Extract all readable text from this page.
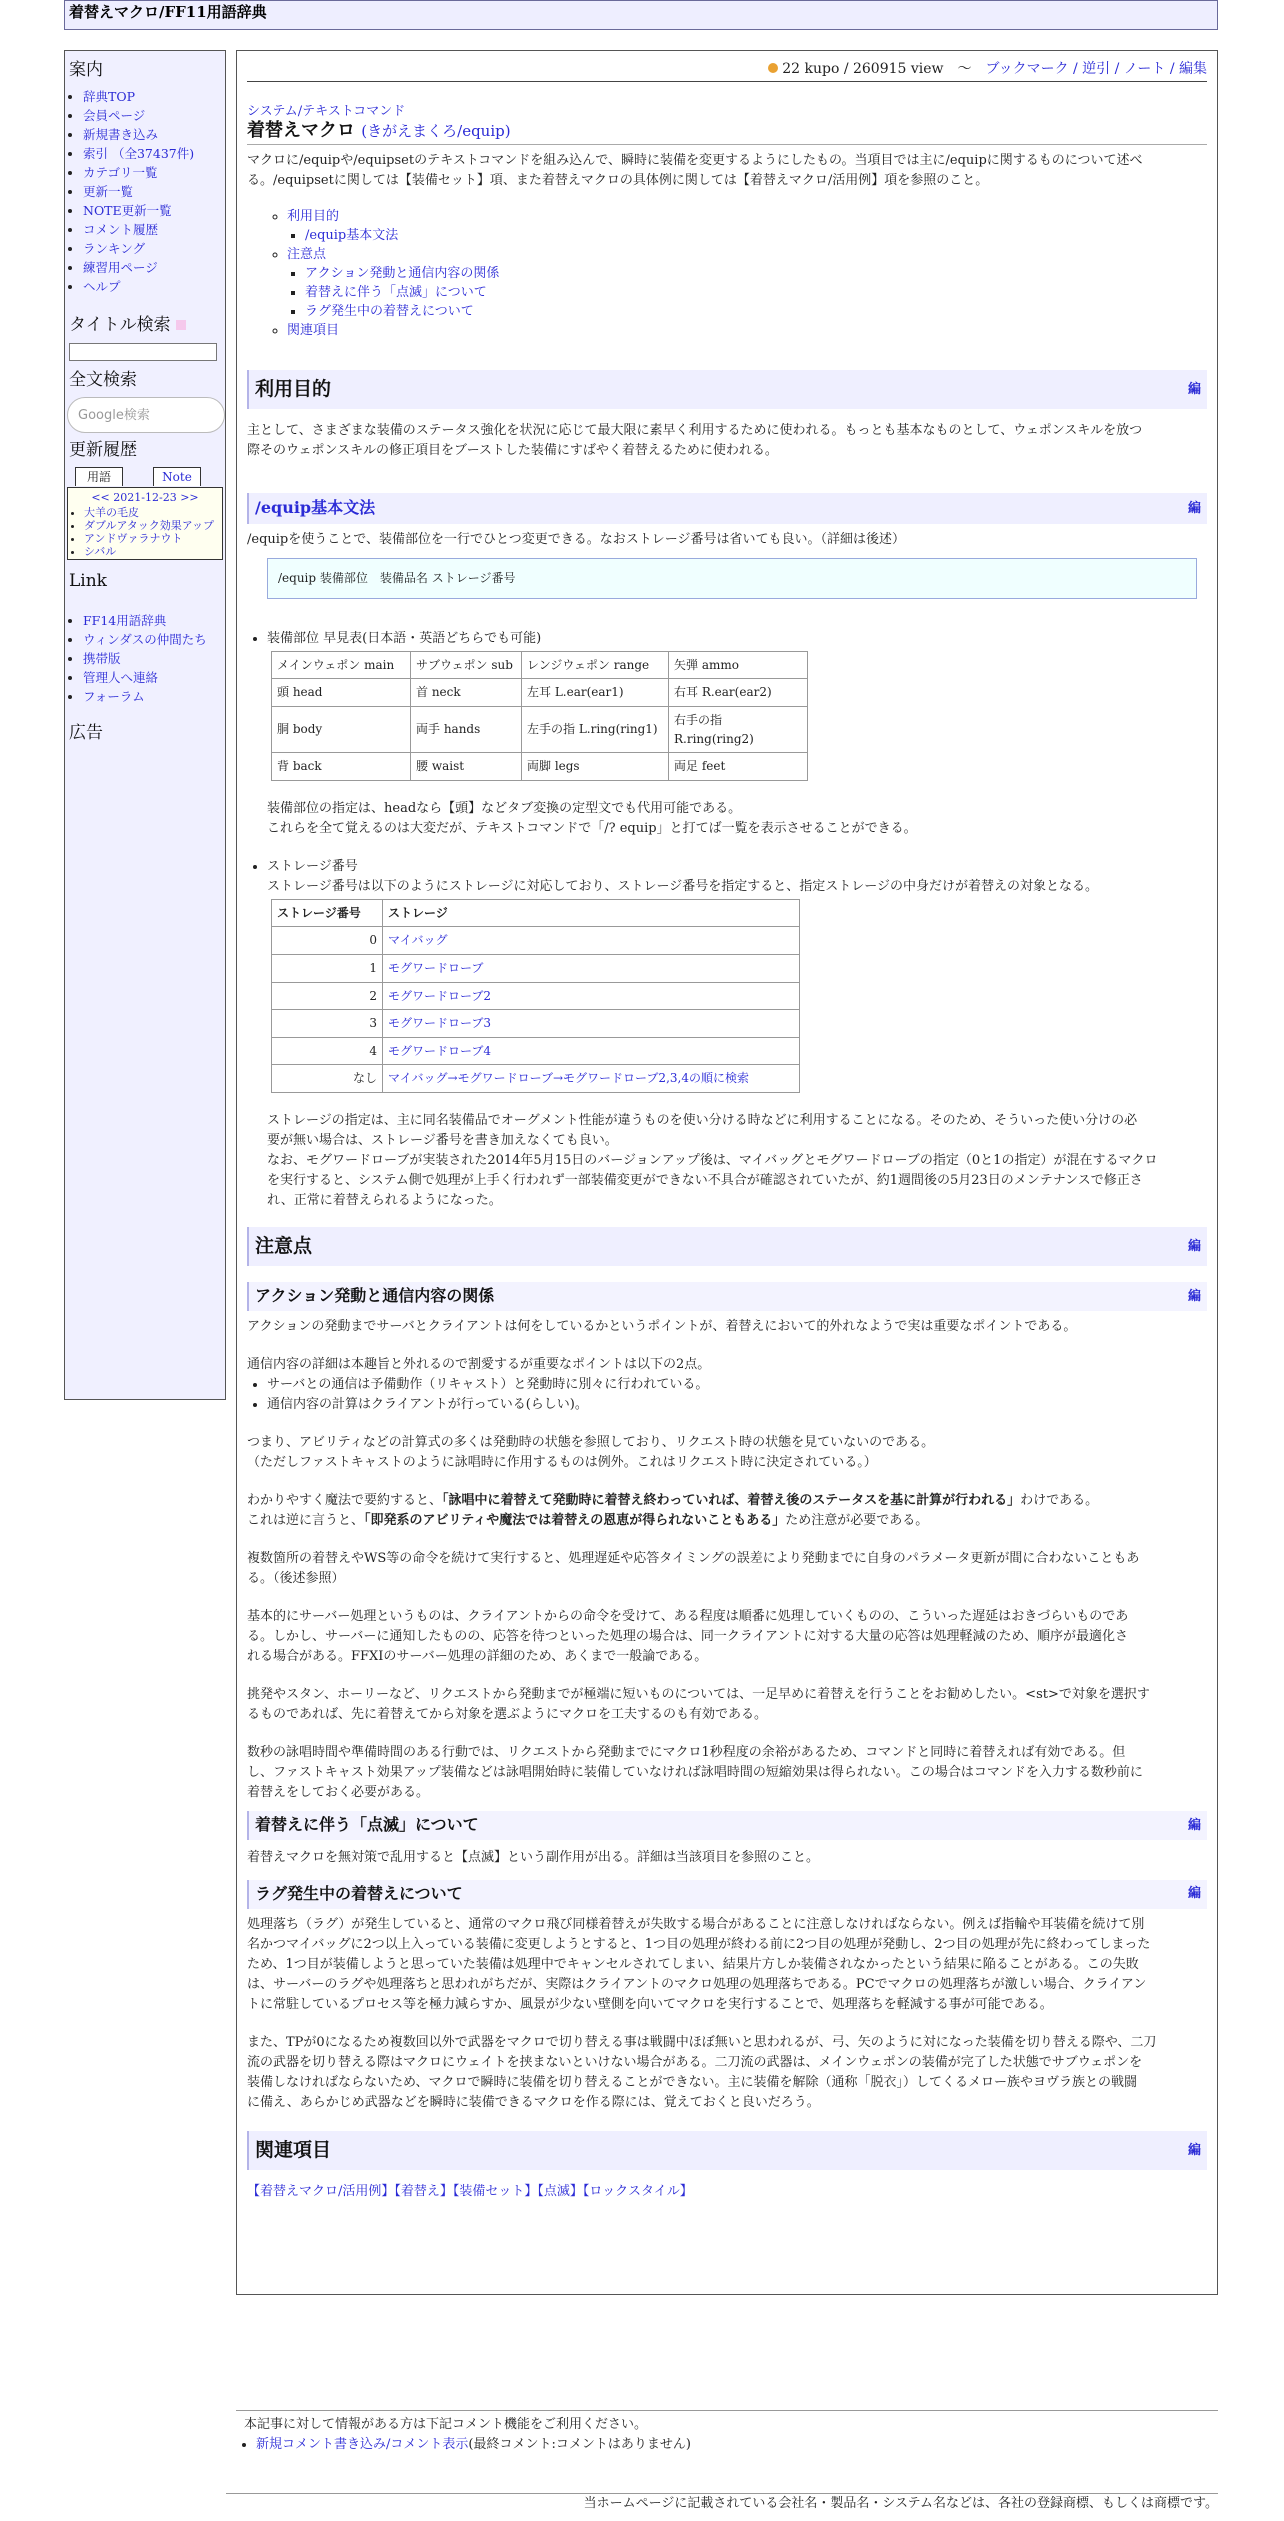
着替えマクロ/FF11用語辞典
案内
• 辞典TOP
• 会員ページ
• 新規書き込み
• 索引 （全37437件)
• カテゴリ一覧
• 更新一覧
• NOTE更新一覧
• コメント履歴
• ランキング
• 練習用ページ
• ヘルプ
タイトル検索
全文検索
Google検索
更新履歴
用語	Note
<< 2021-12-23 >>
• 大羊の毛皮
• ダブルアタック効果アップ
• アンドヴァラナウト
• シバル
Link
• FF14用語辞典
• ウィンダスの仲間たち
• 携帯版
• 管理人へ連絡
• フォーラム
広告
22 kupo / 260915 view　～　 ブックマーク / 逆引 / ノート / 編集
システム/テキストコマンド
着替えマクロ (きがえまくろ/equip)

マクロに/equipや/equipsetのテキストコマンドを組み込んで、瞬時に装備を変更するようにしたもの。当項目では主に/equipに関するものについて述べ

る。/equipsetに関しては【装備セット】項、また着替えマクロの具体例に関しては【着替えマクロ/活用例】項を参照のこと。

◦ 利用目的
▪ /equip基本文法
◦ 注意点
▪ アクション発動と通信内容の関係
▪ 着替えに伴う「点滅」について
▪ ラグ発生中の着替えについて
◦ 関連項目
利用目的	編

主として、さまざまな装備のステータス強化を状況に応じて最大限に素早く利用するために使われる。もっとも基本なものとして、ウェポンスキルを放つ

際そのウェポンスキルの修正項目をブーストした装備にすばやく着替えるために使われる。

/equip基本文法	編

/equipを使うことで、装備部位を一行でひとつ変更できる。なおストレージ番号は省いても良い。（詳細は後述）

/equip 装備部位　装備品名 ストレージ番号
• 装備部位 早見表(日本語・英語どちらでも可能)
メインウェポン main	サブウェポン sub	レンジウェポン range	矢弾 ammo
頭 head	首 neck	左耳 L.ear(ear1)	右耳 R.ear(ear2)
胴 body	両手 hands	左手の指 L.ring(ring1)	右手の指 R.ring(ring2)
背 back	腰 waist	両脚 legs	両足 feet

装備部位の指定は、headなら【頭】などタブ変換の定型文でも代用可能である。

これらを全て覚えるのは大変だが、テキストコマンドで「/? equip」と打てば一覧を表示させることができる。

• ストレージ番号

ストレージ番号は以下のようにストレージに対応しており、ストレージ番号を指定すると、指定ストレージの中身だけが着替えの対象となる。

ストレージ番号	ストレージ
0	マイバッグ
1	モグワードローブ
2	モグワードローブ2
3	モグワードローブ3
4	モグワードローブ4
なし	マイバッグ→モグワードローブ→モグワードローブ2,3,4の順に検索

ストレージの指定は、主に同名装備品でオーグメント性能が違うものを使い分ける時などに利用することになる。そのため、そういった使い分けの必

要が無い場合は、ストレージ番号を書き加えなくても良い。

なお、モグワードローブが実装された2014年5月15日のバージョンアップ後は、マイバッグとモグワードローブの指定（0と1の指定）が混在するマクロ

を実行すると、システム側で処理が上手く行われず一部装備変更ができない不具合が確認されていたが、約1週間後の5月23日のメンテナンスで修正さ

れ、正常に着替えられるようになった。

注意点	編
アクション発動と通信内容の関係	編

アクションの発動までサーバとクライアントは何をしているかというポイントが、着替えにおいて的外れなようで実は重要なポイントである。

通信内容の詳細は本趣旨と外れるので割愛するが重要なポイントは以下の2点。

• サーバとの通信は予備動作（リキャスト）と発動時に別々に行われている。
• 通信内容の計算はクライアントが行っている(らしい)。

つまり、アビリティなどの計算式の多くは発動時の状態を参照しており、リクエスト時の状態を見ていないのである。

（ただしファストキャストのように詠唱時に作用するものは例外。これはリクエスト時に決定されている。）

わかりやすく魔法で要約すると、「詠唱中に着替えて発動時に着替え終わっていれば、着替え後のステータスを基に計算が行われる」わけである。

これは逆に言うと、「即発系のアビリティや魔法では着替えの恩恵が得られないこともある」ため注意が必要である。

複数箇所の着替えやWS等の命令を続けて実行すると、処理遅延や応答タイミングの誤差により発動までに自身のパラメータ更新が間に合わないこともあ

る。（後述参照）

基本的にサーバー処理というものは、クライアントからの命令を受けて、ある程度は順番に処理していくものの、こういった遅延はおきづらいものであ

る。しかし、サーバーに通知したものの、応答を待つといった処理の場合は、同一クライアントに対する大量の応答は処理軽減のため、順序が最適化さ

れる場合がある。FFXIのサーバー処理の詳細のため、あくまで一般論である。

挑発やスタン、ホーリーなど、リクエストから発動までが極端に短いものについては、一足早めに着替えを行うことをお勧めしたい。<st>で対象を選択す

るものであれば、先に着替えてから対象を選ぶようにマクロを工夫するのも有効である。

数秒の詠唱時間や準備時間のある行動では、リクエストから発動までにマクロ1秒程度の余裕があるため、コマンドと同時に着替えれば有効である。但

し、ファストキャスト効果アップ装備などは詠唱開始時に装備していなければ詠唱時間の短縮効果は得られない。この場合はコマンドを入力する数秒前に

着替えをしておく必要がある。

着替えに伴う「点滅」について	編

着替えマクロを無対策で乱用すると【点滅】という副作用が出る。詳細は当該項目を参照のこと。

ラグ発生中の着替えについて	編

処理落ち（ラグ）が発生していると、通常のマクロ飛び同様着替えが失敗する場合があることに注意しなければならない。例えば指輪や耳装備を続けて別

名かつマイバッグに2つ以上入っている装備に変更しようとすると、1つ目の処理が終わる前に2つ目の処理が発動し、2つ目の処理が先に終わってしまった

ため、1つ目が装備しようと思っていた装備は処理中でキャンセルされてしまい、結果片方しか装備されなかったという結果に陥ることがある。この失敗

は、サーバーのラグや処理落ちと思われがちだが、実際はクライアントのマクロ処理の処理落ちである。PCでマクロの処理落ちが激しい場合、クライアン

トに常駐しているプロセス等を極力減らすか、風景が少ない壁側を向いてマクロを実行することで、処理落ちを軽減する事が可能である。

また、TPが0になるため複数回以外で武器をマクロで切り替える事は戦闘中ほぼ無いと思われるが、弓、矢のように対になった装備を切り替える際や、二刀

流の武器を切り替える際はマクロにウェイトを挟まないといけない場合がある。二刀流の武器は、メインウェポンの装備が完了した状態でサブウェポンを

装備しなければならないため、マクロで瞬時に装備を切り替えることができない。主に装備を解除（通称「脱衣」）してくるメロー族やヨヴラ族との戦闘

に備え、あらかじめ武器などを瞬時に装備できるマクロを作る際には、覚えておくと良いだろう。

関連項目	編

【着替えマクロ/活用例】【着替え】【装備セット】【点滅】【ロックスタイル】

本記事に対して情報がある方は下記コメント機能をご利用ください。

• 新規コメント書き込み/コメント表示(最終コメント:コメントはありません)
当ホームページに記載されている会社名・製品名・システム名などは、各社の登録商標、もしくは商標です。
